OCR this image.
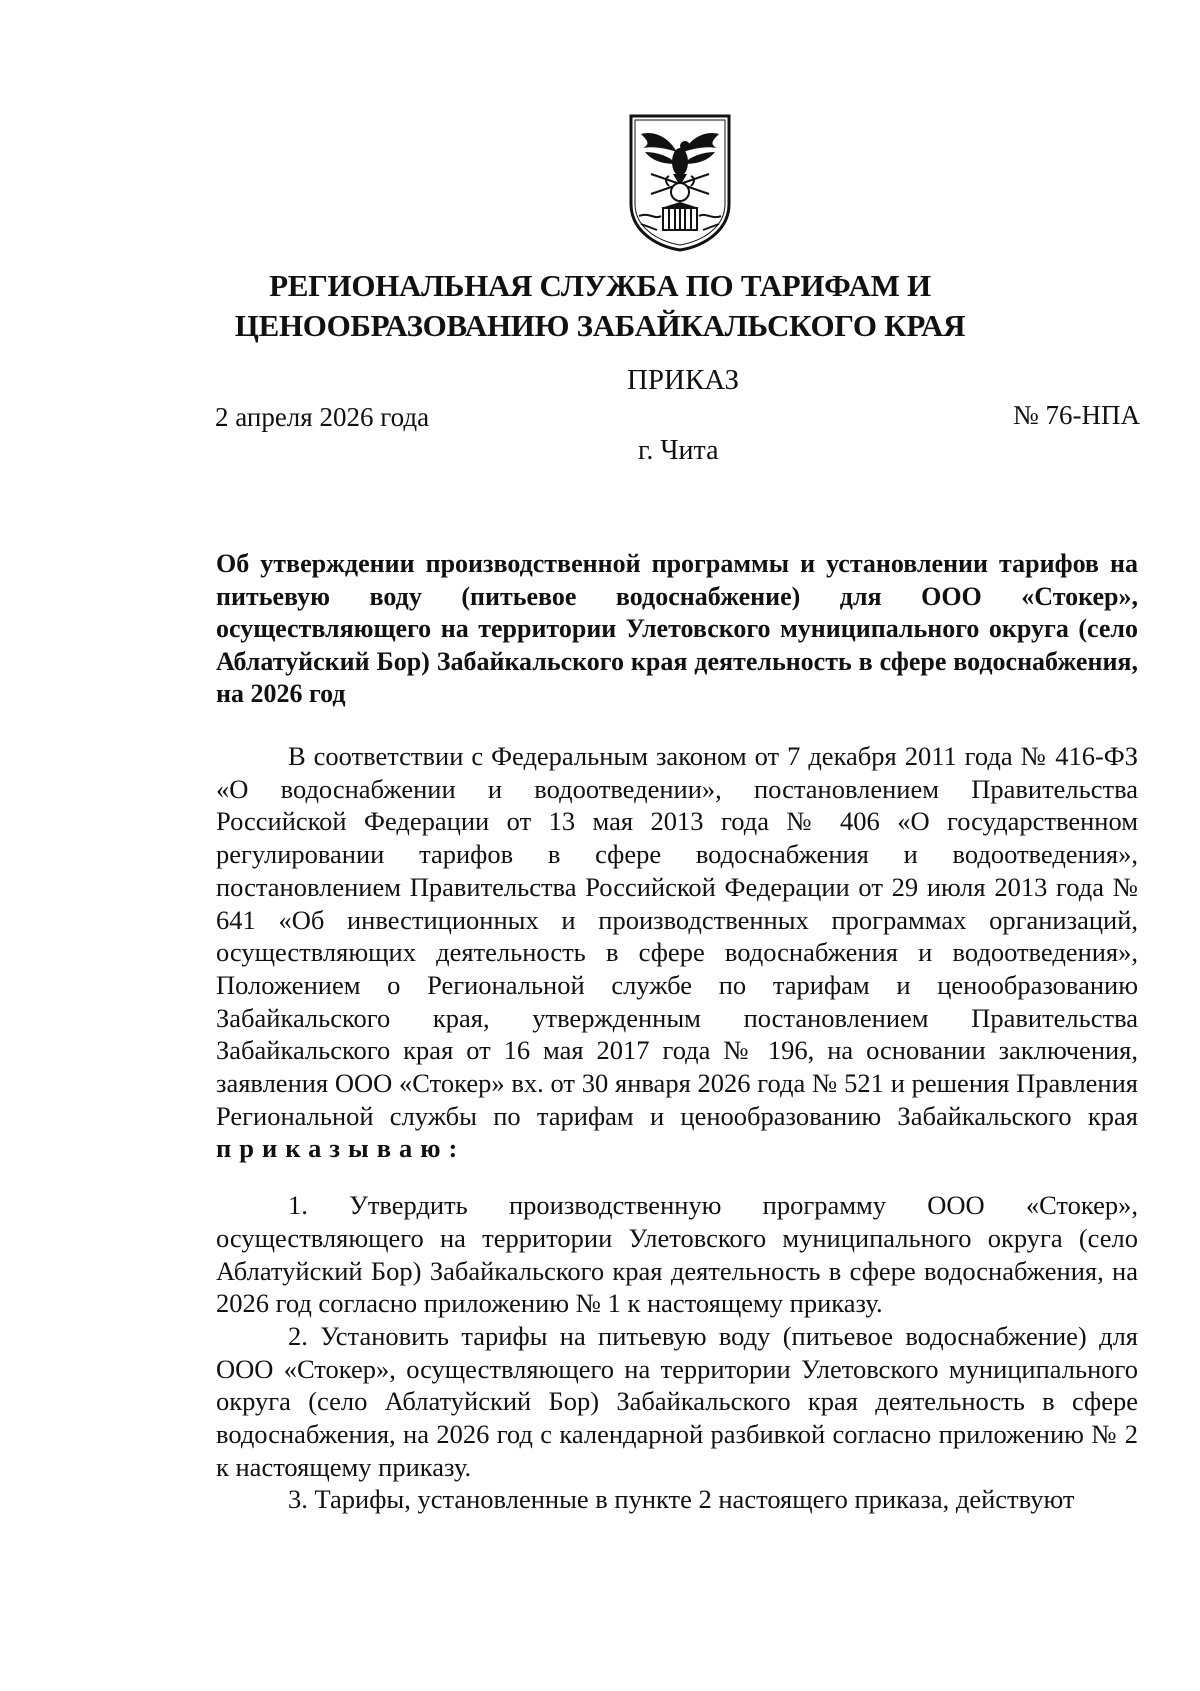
РЕГИОНАЛЬНАЯ СЛУЖБА ПО ТАРИФАМ И
ЦЕНООБРАЗОВАНИЮ ЗАБАЙКАЛЬСКОГО КРАЯ
ПРИКАЗ
2 апреля 2026 года	№ 76-НПА
г. Чита
Об утверждении производственной программы и установлении тарифов на питьевую воду (питьевое водоснабжение) для ООО «Стокер», осуществляющего на территории Улетовского муниципального округа (село Аблатуйский Бор) Забайкальского края деятельность в сфере водоснабжения, на 2026 год

В соответствии с Федеральным законом от 7 декабря 2011 года № 416-ФЗ «О водоснабжении и водоотведении», постановлением Правительства Российской Федерации от 13 мая 2013 года № 406 «О государственном регулировании тарифов в сфере водоснабжения и водоотведения», постановлением Правительства Российской Федерации от 29 июля 2013 года № 641 «Об инвестиционных и производственных программах организаций, осуществляющих деятельность в сфере водоснабжения и водоотведения», Положением о Региональной службе по тарифам и ценообразованию Забайкальского края, утвержденным постановлением Правительства Забайкальского края от 16 мая 2017 года № 196, на основании заключения, заявления ООО «Стокер» вх. от 30 января 2026 года № 521 и решения Правления Региональной службы по тарифам и ценообразованию Забайкальского края приказываю:

1. Утвердить производственную программу ООО «Стокер», осуществляющего на территории Улетовского муниципального округа (село Аблатуйский Бор) Забайкальского края деятельность в сфере водоснабжения, на 2026 год согласно приложению № 1 к настоящему приказу.

2. Установить тарифы на питьевую воду (питьевое водоснабжение) для ООО «Стокер», осуществляющего на территории Улетовского муниципального округа (село Аблатуйский Бор) Забайкальского края деятельность в сфере водоснабжения, на 2026 год с календарной разбивкой согласно приложению № 2 к настоящему приказу.

3. Тарифы, установленные в пункте 2 настоящего приказа, действуют
